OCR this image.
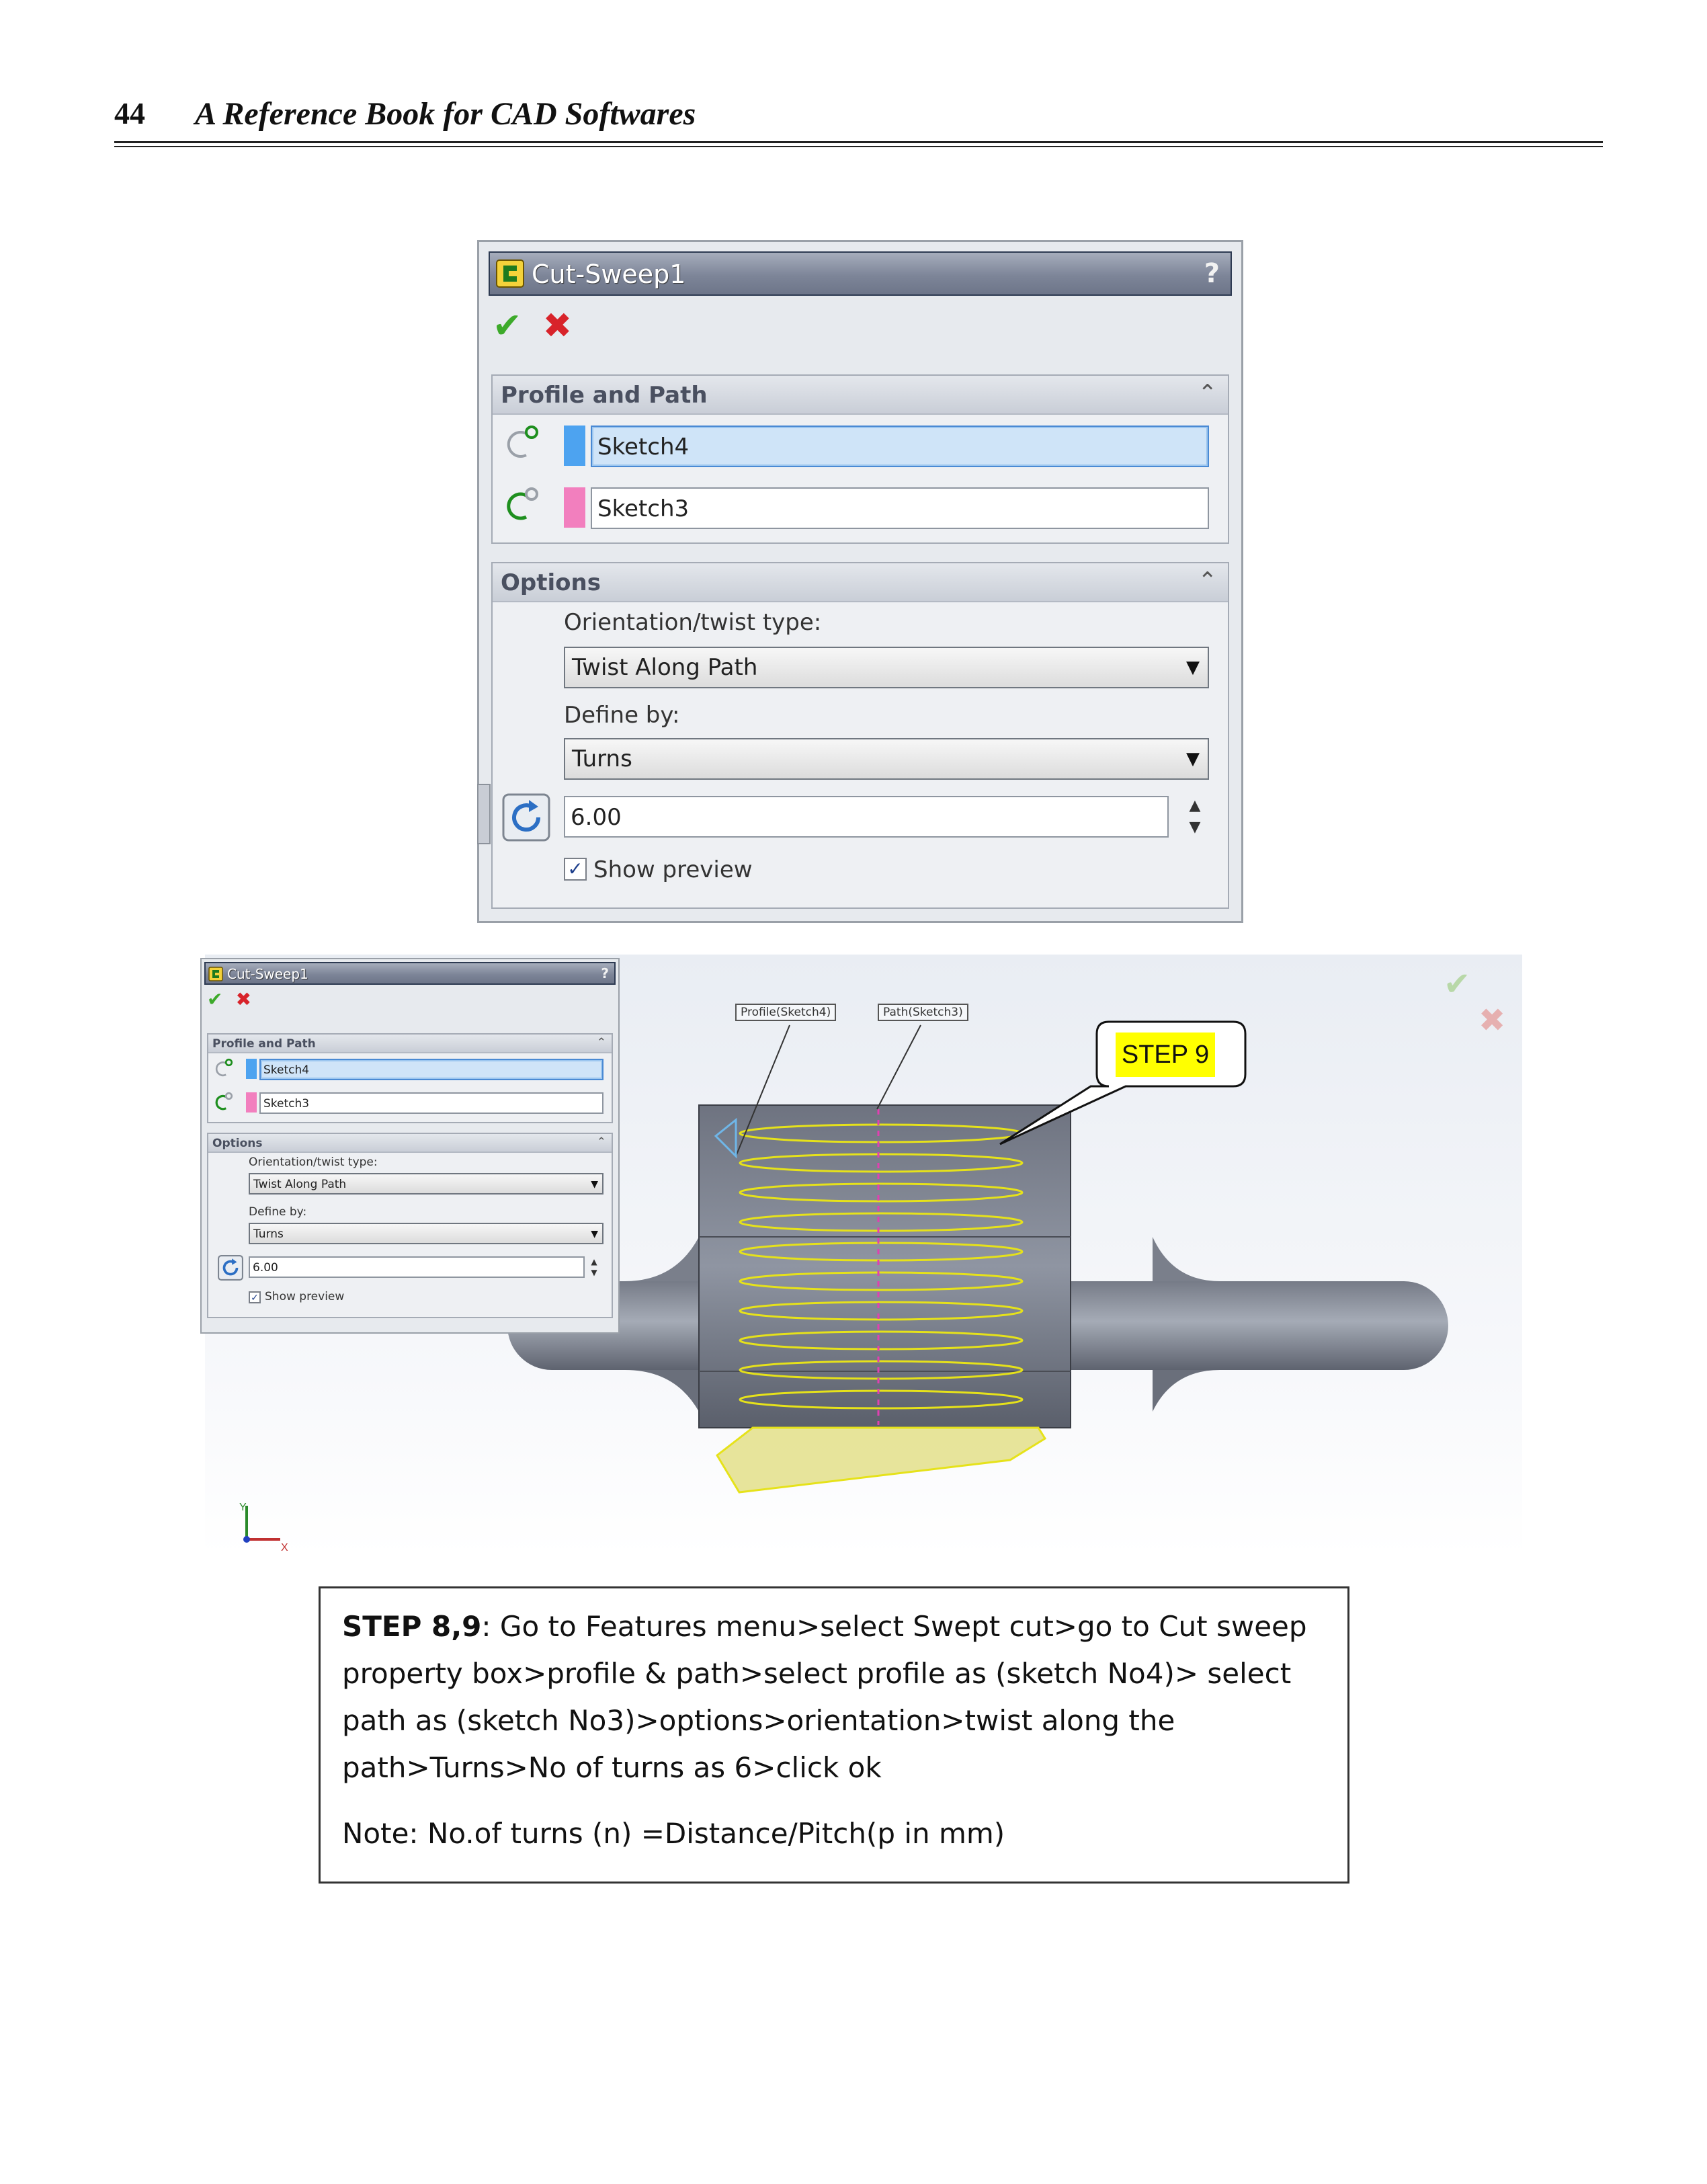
44 A Reference Book for CAD Softwares
Cut-Sweep1	?
✔ ✖
Profile and Path	⌃
Sketch4
Sketch3
Options	⌃
Orientation/twist type:
Twist Along Path	▼
Define by:
Turns	▼
6.00	▲
▼
✓ Show preview
Profile(Sketch4)	Path(Sketch3)
STEP 9
✔
✖
Y
X
Cut-Sweep1	?
✔ ✖
Profile and Path	⌃
Sketch4
Sketch3
Options	⌃
Orientation/twist type:
Twist Along Path	▼
Define by:
Turns	▼
6.00	▲
▼
✓ Show preview

STEP 8,9: Go to Features menu>select Swept cut>go to Cut sweep property box>profile & path>select profile as (sketch No4)> select path as (sketch No3)>options>orientation>twist along the path>Turns>No of turns as 6>click ok

Note: No.of turns (n) =Distance/Pitch(p in mm)
